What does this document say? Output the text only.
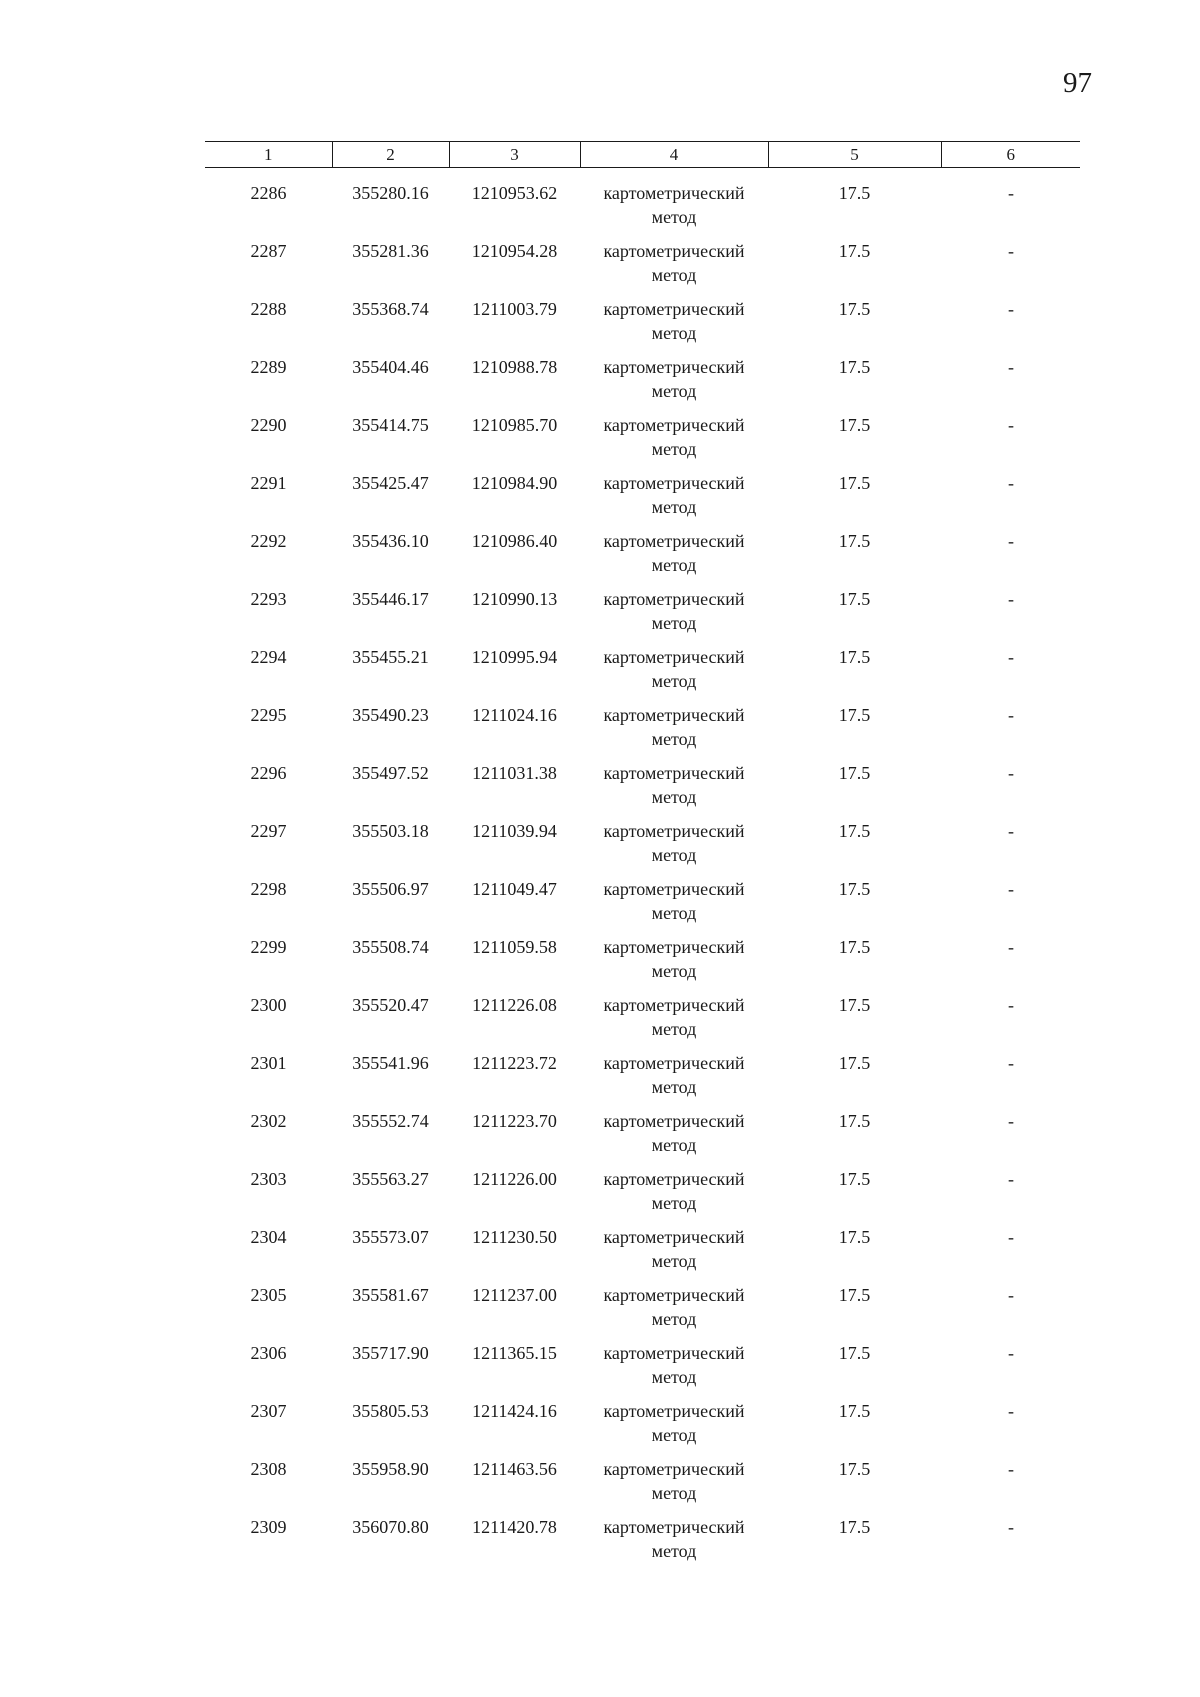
97
1	2	3	4	5	6
2286	355280.16	1210953.62	картометрический
метод	17.5	-
2287	355281.36	1210954.28	картометрический
метод	17.5	-
2288	355368.74	1211003.79	картометрический
метод	17.5	-
2289	355404.46	1210988.78	картометрический
метод	17.5	-
2290	355414.75	1210985.70	картометрический
метод	17.5	-
2291	355425.47	1210984.90	картометрический
метод	17.5	-
2292	355436.10	1210986.40	картометрический
метод	17.5	-
2293	355446.17	1210990.13	картометрический
метод	17.5	-
2294	355455.21	1210995.94	картометрический
метод	17.5	-
2295	355490.23	1211024.16	картометрический
метод	17.5	-
2296	355497.52	1211031.38	картометрический
метод	17.5	-
2297	355503.18	1211039.94	картометрический
метод	17.5	-
2298	355506.97	1211049.47	картометрический
метод	17.5	-
2299	355508.74	1211059.58	картометрический
метод	17.5	-
2300	355520.47	1211226.08	картометрический
метод	17.5	-
2301	355541.96	1211223.72	картометрический
метод	17.5	-
2302	355552.74	1211223.70	картометрический
метод	17.5	-
2303	355563.27	1211226.00	картометрический
метод	17.5	-
2304	355573.07	1211230.50	картометрический
метод	17.5	-
2305	355581.67	1211237.00	картометрический
метод	17.5	-
2306	355717.90	1211365.15	картометрический
метод	17.5	-
2307	355805.53	1211424.16	картометрический
метод	17.5	-
2308	355958.90	1211463.56	картометрический
метод	17.5	-
2309	356070.80	1211420.78	картометрический
метод	17.5	-
